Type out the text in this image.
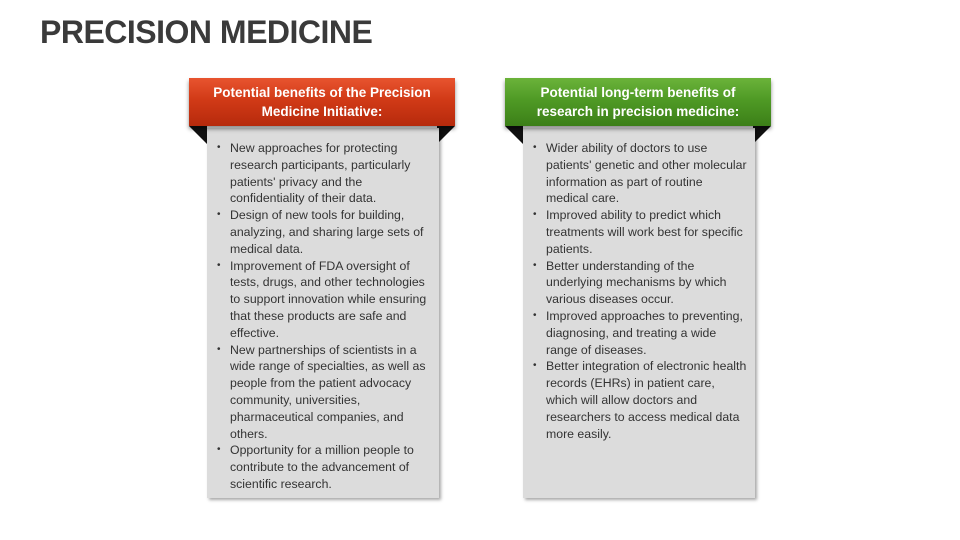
PRECISION MEDICINE
• New approaches for protecting research participants, particularly patients' privacy and the confidentiality of their data.
• Design of new tools for building, analyzing, and sharing large sets of medical data.
• Improvement of FDA oversight of tests, drugs, and other technologies to support innovation while ensuring that these products are safe and effective.
• New partnerships of scientists in a wide range of specialties, as well as people from the patient advocacy community, universities, pharmaceutical companies, and others.
• Opportunity for a million people to contribute to the advancement of scientific research.
Potential benefits of the Precision Medicine Initiative:
• Wider ability of doctors to use patients' genetic and other molecular information as part of routine medical care.
• Improved ability to predict which treatments will work best for specific patients.
• Better understanding of the underlying mechanisms by which various diseases occur.
• Improved approaches to preventing, diagnosing, and treating a wide range of diseases.
• Better integration of electronic health records (EHRs) in patient care, which will allow doctors and researchers to access medical data more easily.
Potential long-term benefits of research in precision medicine:
